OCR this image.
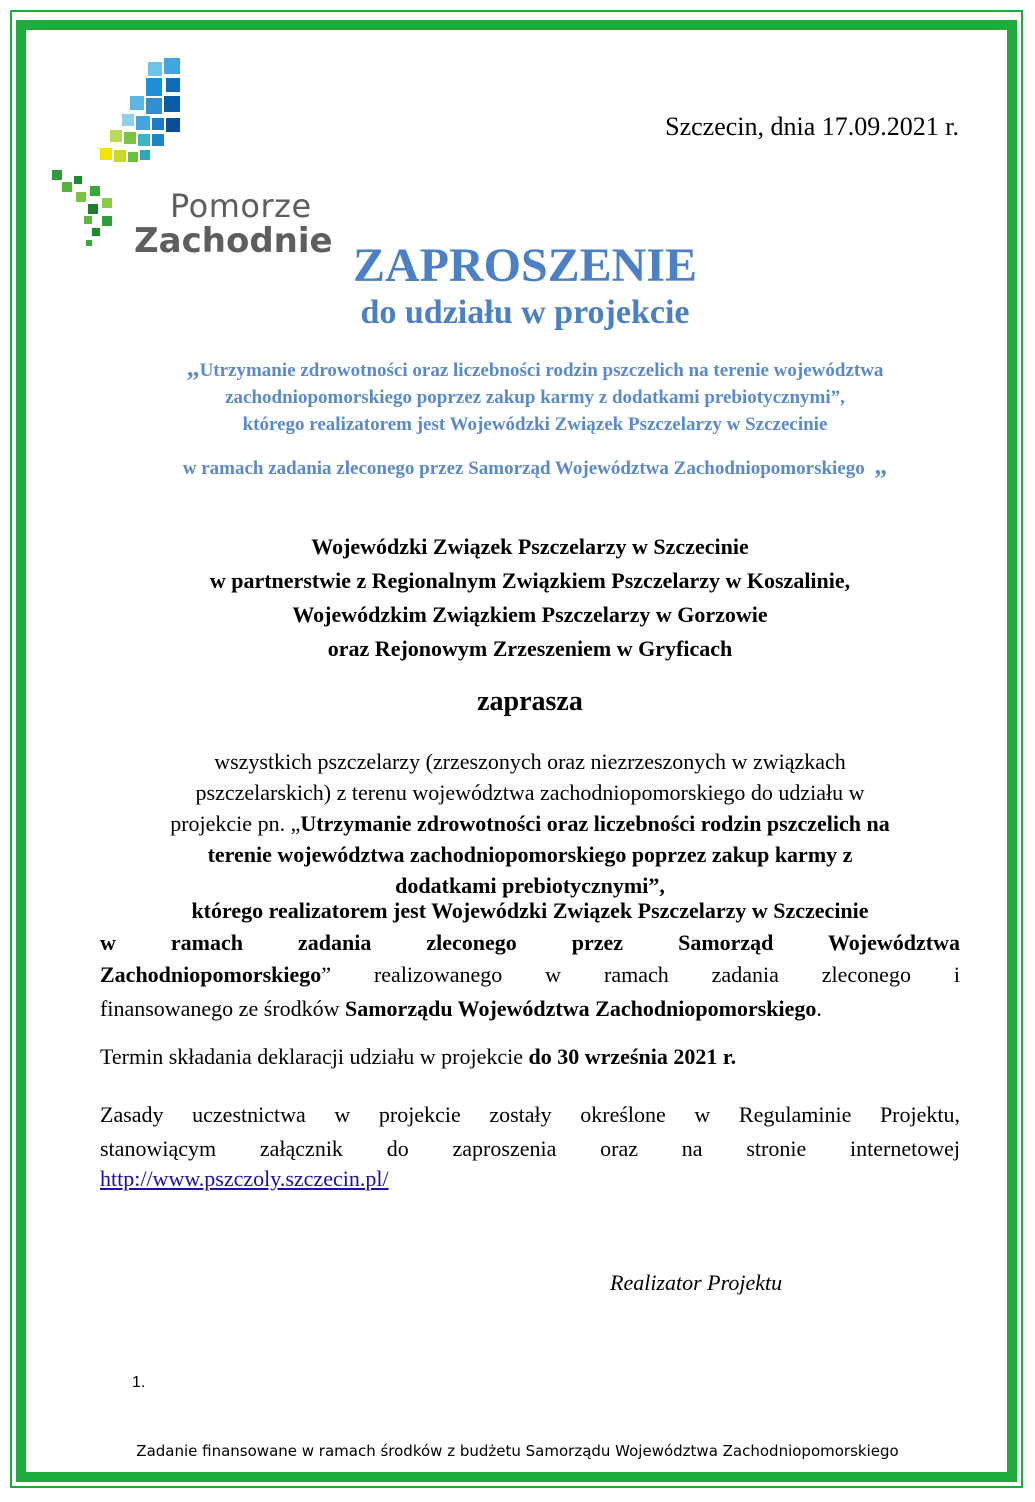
Pomorze
Zachodnie
Szczecin, dnia 17.09.2021 r.
ZAPROSZENIE
do udziału w projekcie
„Utrzymanie zdrowotności oraz liczebności rodzin pszczelich na terenie województwa
zachodniopomorskiego poprzez zakup karmy z dodatkami prebiotycznymi”,
którego realizatorem jest Wojewódzki Związek Pszczelarzy w Szczecinie
w ramach zadania zleconego przez Samorząd Województwa Zachodniopomorskiego „
Wojewódzki Związek Pszczelarzy w Szczecinie
w partnerstwie z Regionalnym Związkiem Pszczelarzy w Koszalinie,
Wojewódzkim Związkiem Pszczelarzy w Gorzowie
oraz Rejonowym Zrzeszeniem w Gryficach
zaprasza
wszystkich pszczelarzy (zrzeszonych oraz niezrzeszonych w związkach
pszczelarskich) z terenu województwa zachodniopomorskiego do udziału w
projekcie pn. „Utrzymanie zdrowotności oraz liczebności rodzin pszczelich na
terenie województwa zachodniopomorskiego poprzez zakup karmy z
dodatkami prebiotycznymi”,
którego realizatorem jest Wojewódzki Związek Pszczelarzy w Szczecinie
w ramach zadania zleconego przez Samorząd Województwa
Zachodniopomorskiego” realizowanego w ramach zadania zleconego i
finansowanego ze środków Samorządu Województwa Zachodniopomorskiego.
Termin składania deklaracji udziału w projekcie do 30 września 2021 r.
Zasady uczestnictwa w projekcie zostały określone w Regulaminie Projektu,
stanowiącym załącznik do zaproszenia oraz na stronie internetowej
http://www.pszczoly.szczecin.pl/
Realizator Projektu
1.
Zadanie finansowane w ramach środków z budżetu Samorządu Województwa Zachodniopomorskiego
